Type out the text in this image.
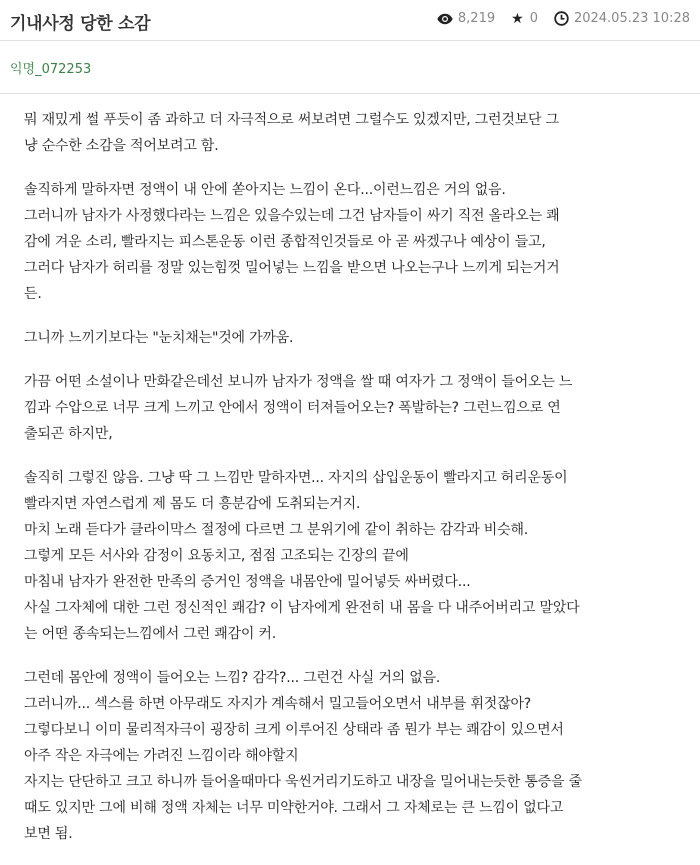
기내사정 당한 소감	8,219 ★ 0	2024.05.23 10:28
익명_072253
뭐 재밌게 썰 푸듯이 좀 과하고 더 자극적으로 써보려면 그럴수도 있겠지만, 그런것보단 그
냥 순수한 소감을 적어보려고 함.
솔직하게 말하자면 정액이 내 안에 쏟아지는 느낌이 온다...이런느낌은 거의 없음.
그러니까 남자가 사정했다라는 느낌은 있을수있는데 그건 남자들이 싸기 직전 올라오는 쾌
감에 겨운 소리, 빨라지는 피스톤운동 이런 종합적인것들로 아 곧 싸겠구나 예상이 들고,
그러다 남자가 허리를 정말 있는힘껏 밀어넣는 느낌을 받으면 나오는구나 느끼게 되는거거
든.
그니까 느끼기보다는 "눈치채는"것에 가까움.
가끔 어떤 소설이나 만화같은데선 보니까 남자가 정액을 쌀 때 여자가 그 정액이 들어오는 느
낌과 수압으로 너무 크게 느끼고 안에서 정액이 터져들어오는? 폭발하는? 그런느낌으로 연
출되곤 하지만,
솔직히 그렇진 않음. 그냥 딱 그 느낌만 말하자면... 자지의 삽입운동이 빨라지고 허리운동이
빨라지면 자연스럽게 제 몸도 더 흥분감에 도취되는거지.
마치 노래 듣다가 클라이막스 절정에 다르면 그 분위기에 같이 취하는 감각과 비슷해.
그렇게 모든 서사와 감정이 요동치고, 점점 고조되는 긴장의 끝에
마침내 남자가 완전한 만족의 증거인 정액을 내몸안에 밀어넣듯 싸버렸다...
사실 그자체에 대한 그런 정신적인 쾌감? 이 남자에게 완전히 내 몸을 다 내주어버리고 말았다
는 어떤 종속되는느낌에서 그런 쾌감이 커.
그런데 몸안에 정액이 들어오는 느낌? 감각?... 그런건 사실 거의 없음.
그러니까... 섹스를 하면 아무래도 자지가 계속해서 밀고들어오면서 내부를 휘젓잖아?
그렇다보니 이미 물리적자극이 굉장히 크게 이루어진 상태라 좀 뭔가 부는 쾌감이 있으면서
아주 작은 자극에는 가려진 느낌이라 해야할지
자지는 단단하고 크고 하니까 들어올때마다 욱씬거리기도하고 내장을 밀어내는듯한 통증을 줄
때도 있지만 그에 비해 정액 자체는 너무 미약한거야. 그래서 그 자체로는 큰 느낌이 없다고
보면 됨.
